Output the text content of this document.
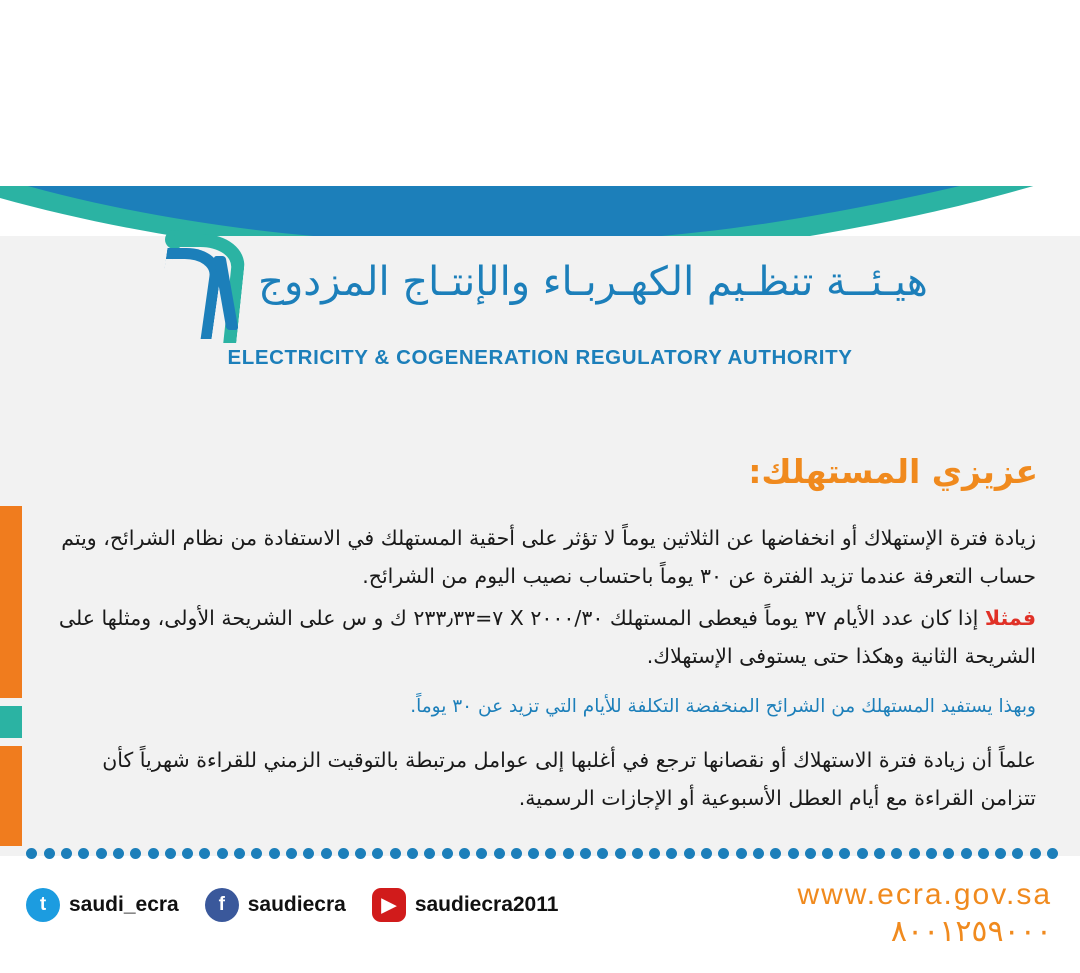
هيـئــة تنظـيم الكهـربـاء والإنتـاج المزدوج
ELECTRICITY & COGENERATION REGULATORY AUTHORITY
عزيزي المستهلك:
زيادة فترة الإستهلاك أو انخفاضها عن الثلاثين يوماً لا تؤثر على أحقية المستهلك في الاستفادة من نظام الشرائح، ويتم حساب التعرفة عندما تزيد الفترة عن ٣٠ يوماً باحتساب نصيب اليوم من الشرائح.
فمثلا إذا كان عدد الأيام ٣٧ يوماً فيعطى المستهلك ٢٠٠٠/٣٠ X ٧=٢٣٣٫٣٣ ك و س على الشريحة الأولى، ومثلها على الشريحة الثانية وهكذا حتى يستوفى الإستهلاك.
وبهذا يستفيد المستهلك من الشرائح المنخفضة التكلفة للأيام التي تزيد عن ٣٠ يوماً.
علماً أن زيادة فترة الاستهلاك أو نقصانها ترجع في أغلبها إلى عوامل مرتبطة بالتوقيت الزمني للقراءة شهرياً كأن تتزامن القراءة مع أيام العطل الأسبوعية أو الإجازات الرسمية.
t	saudi_ecra	f	saudiecra	▶ saudiecra2011	www.ecra.gov.sa
٨٠٠١٢٥٩٠٠٠
